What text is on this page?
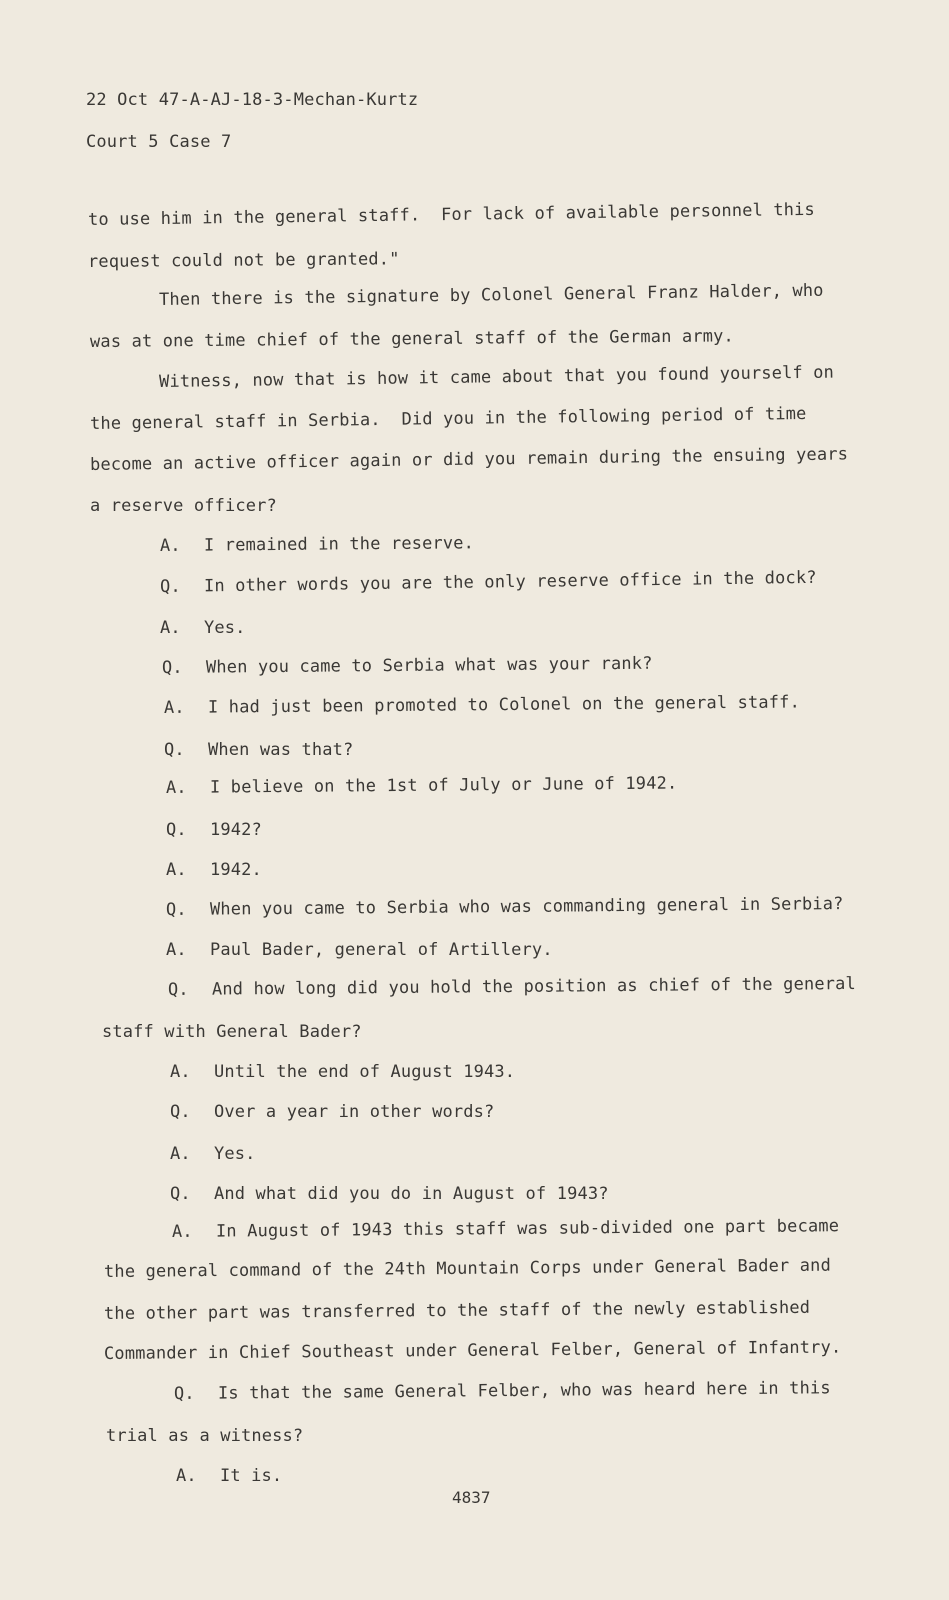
22 Oct 47-A-AJ-18-3-Mechan-Kurtz
Court 5 Case 7
to use him in the general staff.  For lack of available personnel this
request could not be granted."
Then there is the signature by Colonel General Franz Halder, who
was at one time chief of the general staff of the German army.
Witness, now that is how it came about that you found yourself on
the general staff in Serbia.  Did you in the following period of time
become an active officer again or did you remain during the ensuing years
a reserve officer?
A. I remained in the reserve.
Q. In other words you are the only reserve office in the dock?
A. Yes.
Q. When you came to Serbia what was your rank?
A. I had just been promoted to Colonel on the general staff.
Q. When was that?
A. I believe on the 1st of July or June of 1942.
Q. 1942?
A. 1942.
Q. When you came to Serbia who was commanding general in Serbia?
A. Paul Bader, general of Artillery.
Q. And how long did you hold the position as chief of the general
staff with General Bader?
A. Until the end of August 1943.
Q. Over a year in other words?
A. Yes.
Q. And what did you do in August of 1943?
A. In August of 1943 this staff was sub-divided one part became
the general command of the 24th Mountain Corps under General Bader and
the other part was transferred to the staff of the newly established
Commander in Chief Southeast under General Felber, General of Infantry.
Q. Is that the same General Felber, who was heard here in this
trial as a witness?
A. It is.
4837
